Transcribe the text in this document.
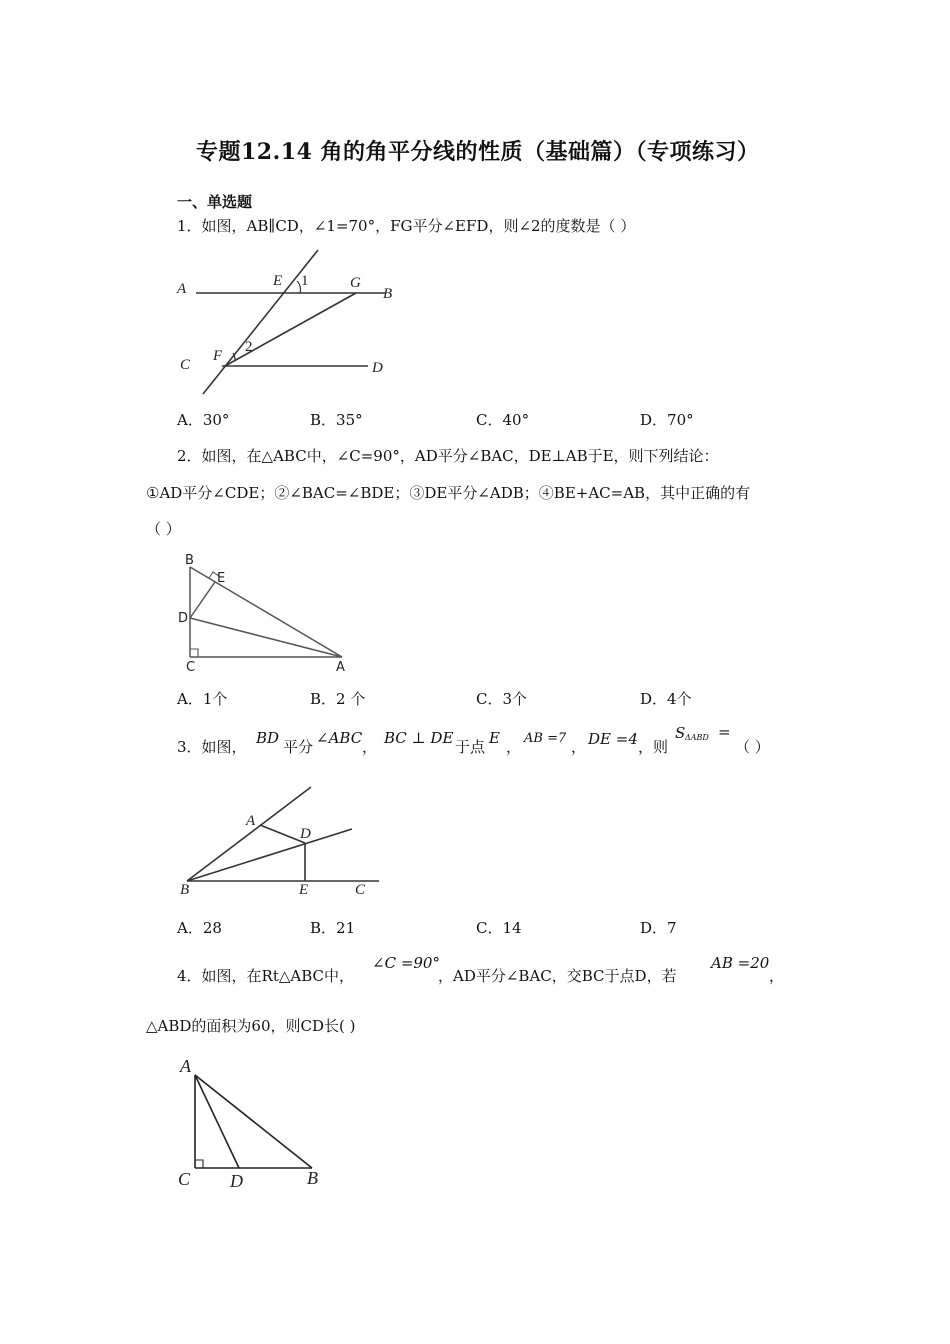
专题12.14 角的角平分线的性质（基础篇）（专项练习）
一、单选题
1．如图，AB∥CD，∠1=70°，FG平分∠EFD，则∠2的度数是（ ）
A	E 1	G
B
C
F
2
D
A．30°	B．35°	C．40°	D．70°
2．如图，在△ABC中，∠C=90°，AD平分∠BAC，DE⊥AB于E，则下列结论：
①AD平分∠CDE；②∠BAC=∠BDE；③DE平分∠ADB；④BE+AC=AB，其中正确的有
（ ）
B
E
D
C	A
A．1个	B．2 个	C．3个	D．4个
3．如图， BD 平分 ∠ABC ， BC ⊥ DE 于点 E ， AB =7 ， DE =4 ，则
S ΔABD =
（ ）
A
D
B	E	C
A．28	B．21	C．14	D．7
4．如图，在Rt△ABC中，
∠C =90°
，AD平分∠BAC，交BC于点D，若
AB =20
，
△ABD的面积为60，则CD长( )
A
C D	B
